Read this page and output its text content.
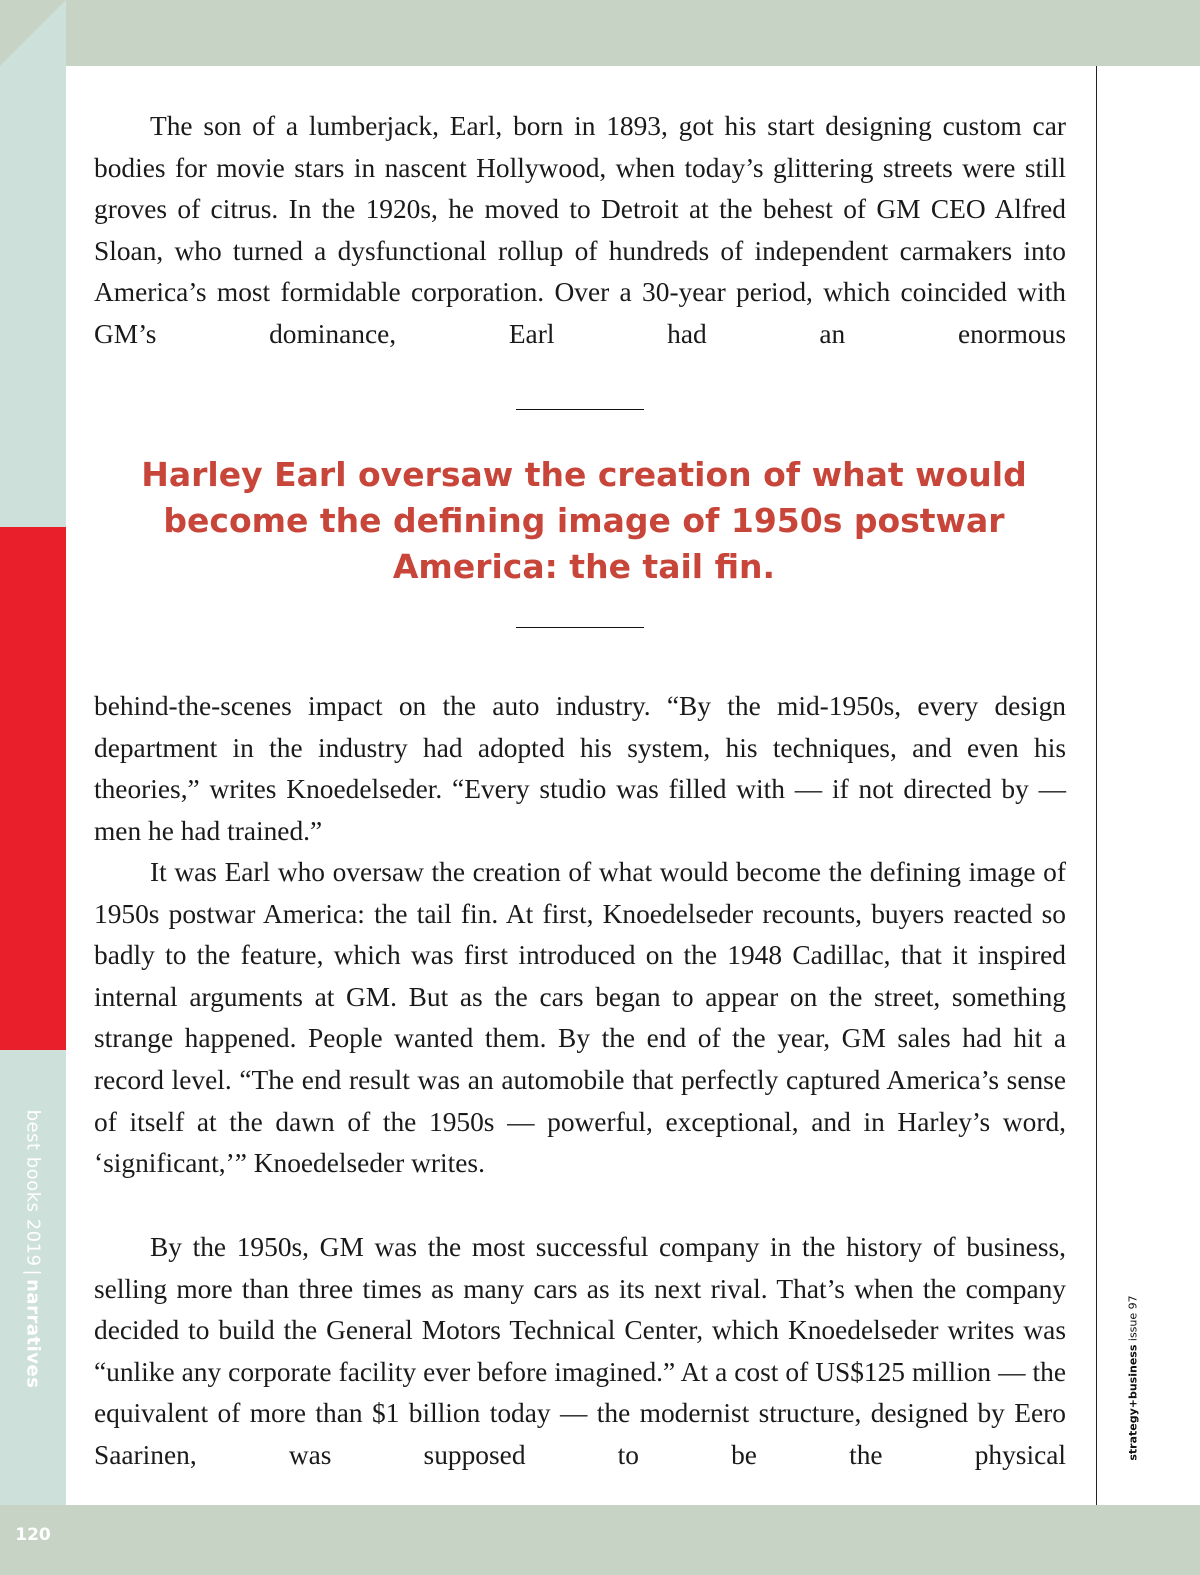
best books 2019|narratives
120
strategy+business issue 97

The son of a lumberjack, Earl, born in 1893, got his start designing custom car bodies for movie stars in nascent Hollywood, when today’s glittering streets were still groves of citrus. In the 1920s, he moved to Detroit at the behest of GM CEO Alfred Sloan, who turned a dysfunctional rollup of hundreds of independent carmakers into America’s most formidable corporation. Over a 30-year period, which coincided with GM’s dominance, Earl had an enormous

Harley Earl oversaw the creation of what would become the defining image of 1950s postwar America: the tail fin.

behind-the-scenes impact on the auto industry. “By the mid-1950s, every design department in the industry had adopted his system, his techniques, and even his theories,” writes Knoedelseder. “Every studio was filled with — if not directed by — men he had trained.”

It was Earl who oversaw the creation of what would become the defining image of 1950s postwar America: the tail fin. At first, Knoedelseder recounts, buyers reacted so badly to the feature, which was first introduced on the 1948 Cadillac, that it inspired internal arguments at GM. But as the cars began to appear on the street, something strange happened. People wanted them. By the end of the year, GM sales had hit a record level. “The end result was an automobile that perfectly captured America’s sense of itself at the dawn of the 1950s — powerful, exceptional, and in Harley’s word, ‘significant,’” Knoedelseder writes.

By the 1950s, GM was the most successful company in the history of business, selling more than three times as many cars as its next rival. That’s when the company decided to build the General Motors Technical Center, which Knoedelseder writes was “unlike any corporate facility ever before imagined.” At a cost of US$125 million — the equivalent of more than $1 billion today — the modernist structure, designed by Eero Saarinen, was supposed to be the physical
